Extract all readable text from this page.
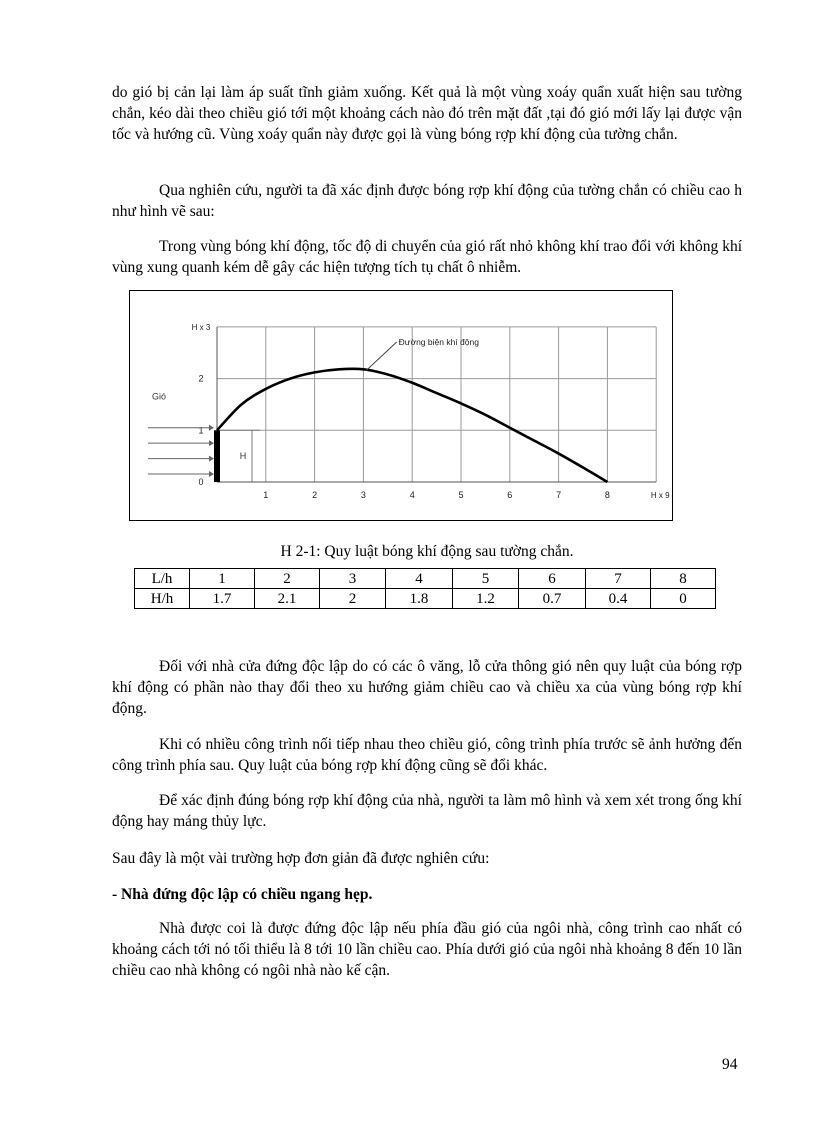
do gió bị cản lại làm áp suất tĩnh giảm xuống. Kết quả là một vùng xoáy quẩn xuất hiện sau tường chắn, kéo dài theo chiều gió tới một khoảng cách nào đó trên mặt đất ,tại đó gió mới lấy lại được vận tốc và hướng cũ. Vùng xoáy quẩn này được gọi là vùng bóng rợp khí động của tường chắn.

Qua nghiên cứu, người ta đã xác định được bóng rợp khí động của tường chắn có chiều cao h như hình vẽ sau:

Trong vùng bóng khí động, tốc độ di chuyển của gió rất nhỏ không khí trao đổi với không khí vùng xung quanh kém dễ gây các hiện tượng tích tụ chất ô nhiễm.

1	2	3	4	5	6	7	8
0
1
2
H x 3
H x 9
Gió
H
Đường biện khí động
H 2-1: Quy luật bóng khí động sau tường chắn.
L/h	1	2	3	4	5	6	7	8
H/h	1.7	2.1	2	1.8	1.2	0.7	0.4	0

Đối với nhà cửa đứng độc lập do có các ô văng, lỗ cửa thông gió nên quy luật của bóng rợp khí động có phần nào thay đổi theo xu hướng giảm chiều cao và chiều xa của vùng bóng rợp khí động.

Khi có nhiều công trình nối tiếp nhau theo chiều gió, công trình phía trước sẽ ảnh hưởng đến công trình phía sau. Quy luật của bóng rợp khí động cũng sẽ đổi khác.

Để xác định đúng bóng rợp khí động của nhà, người ta làm mô hình và xem xét trong ống khí động hay máng thủy lực.

Sau đây là một vài trường hợp đơn giản đã được nghiên cứu:

- Nhà đứng độc lập có chiều ngang hẹp.

Nhà được coi là được đứng độc lập nếu phía đầu gió của ngôi nhà, công trình cao nhất có khoảng cách tới nó tối thiểu là 8 tới 10 lần chiều cao. Phía dưới gió của ngôi nhà khoảng 8 đến 10 lần chiều cao nhà không có ngôi nhà nào kế cận.

94
